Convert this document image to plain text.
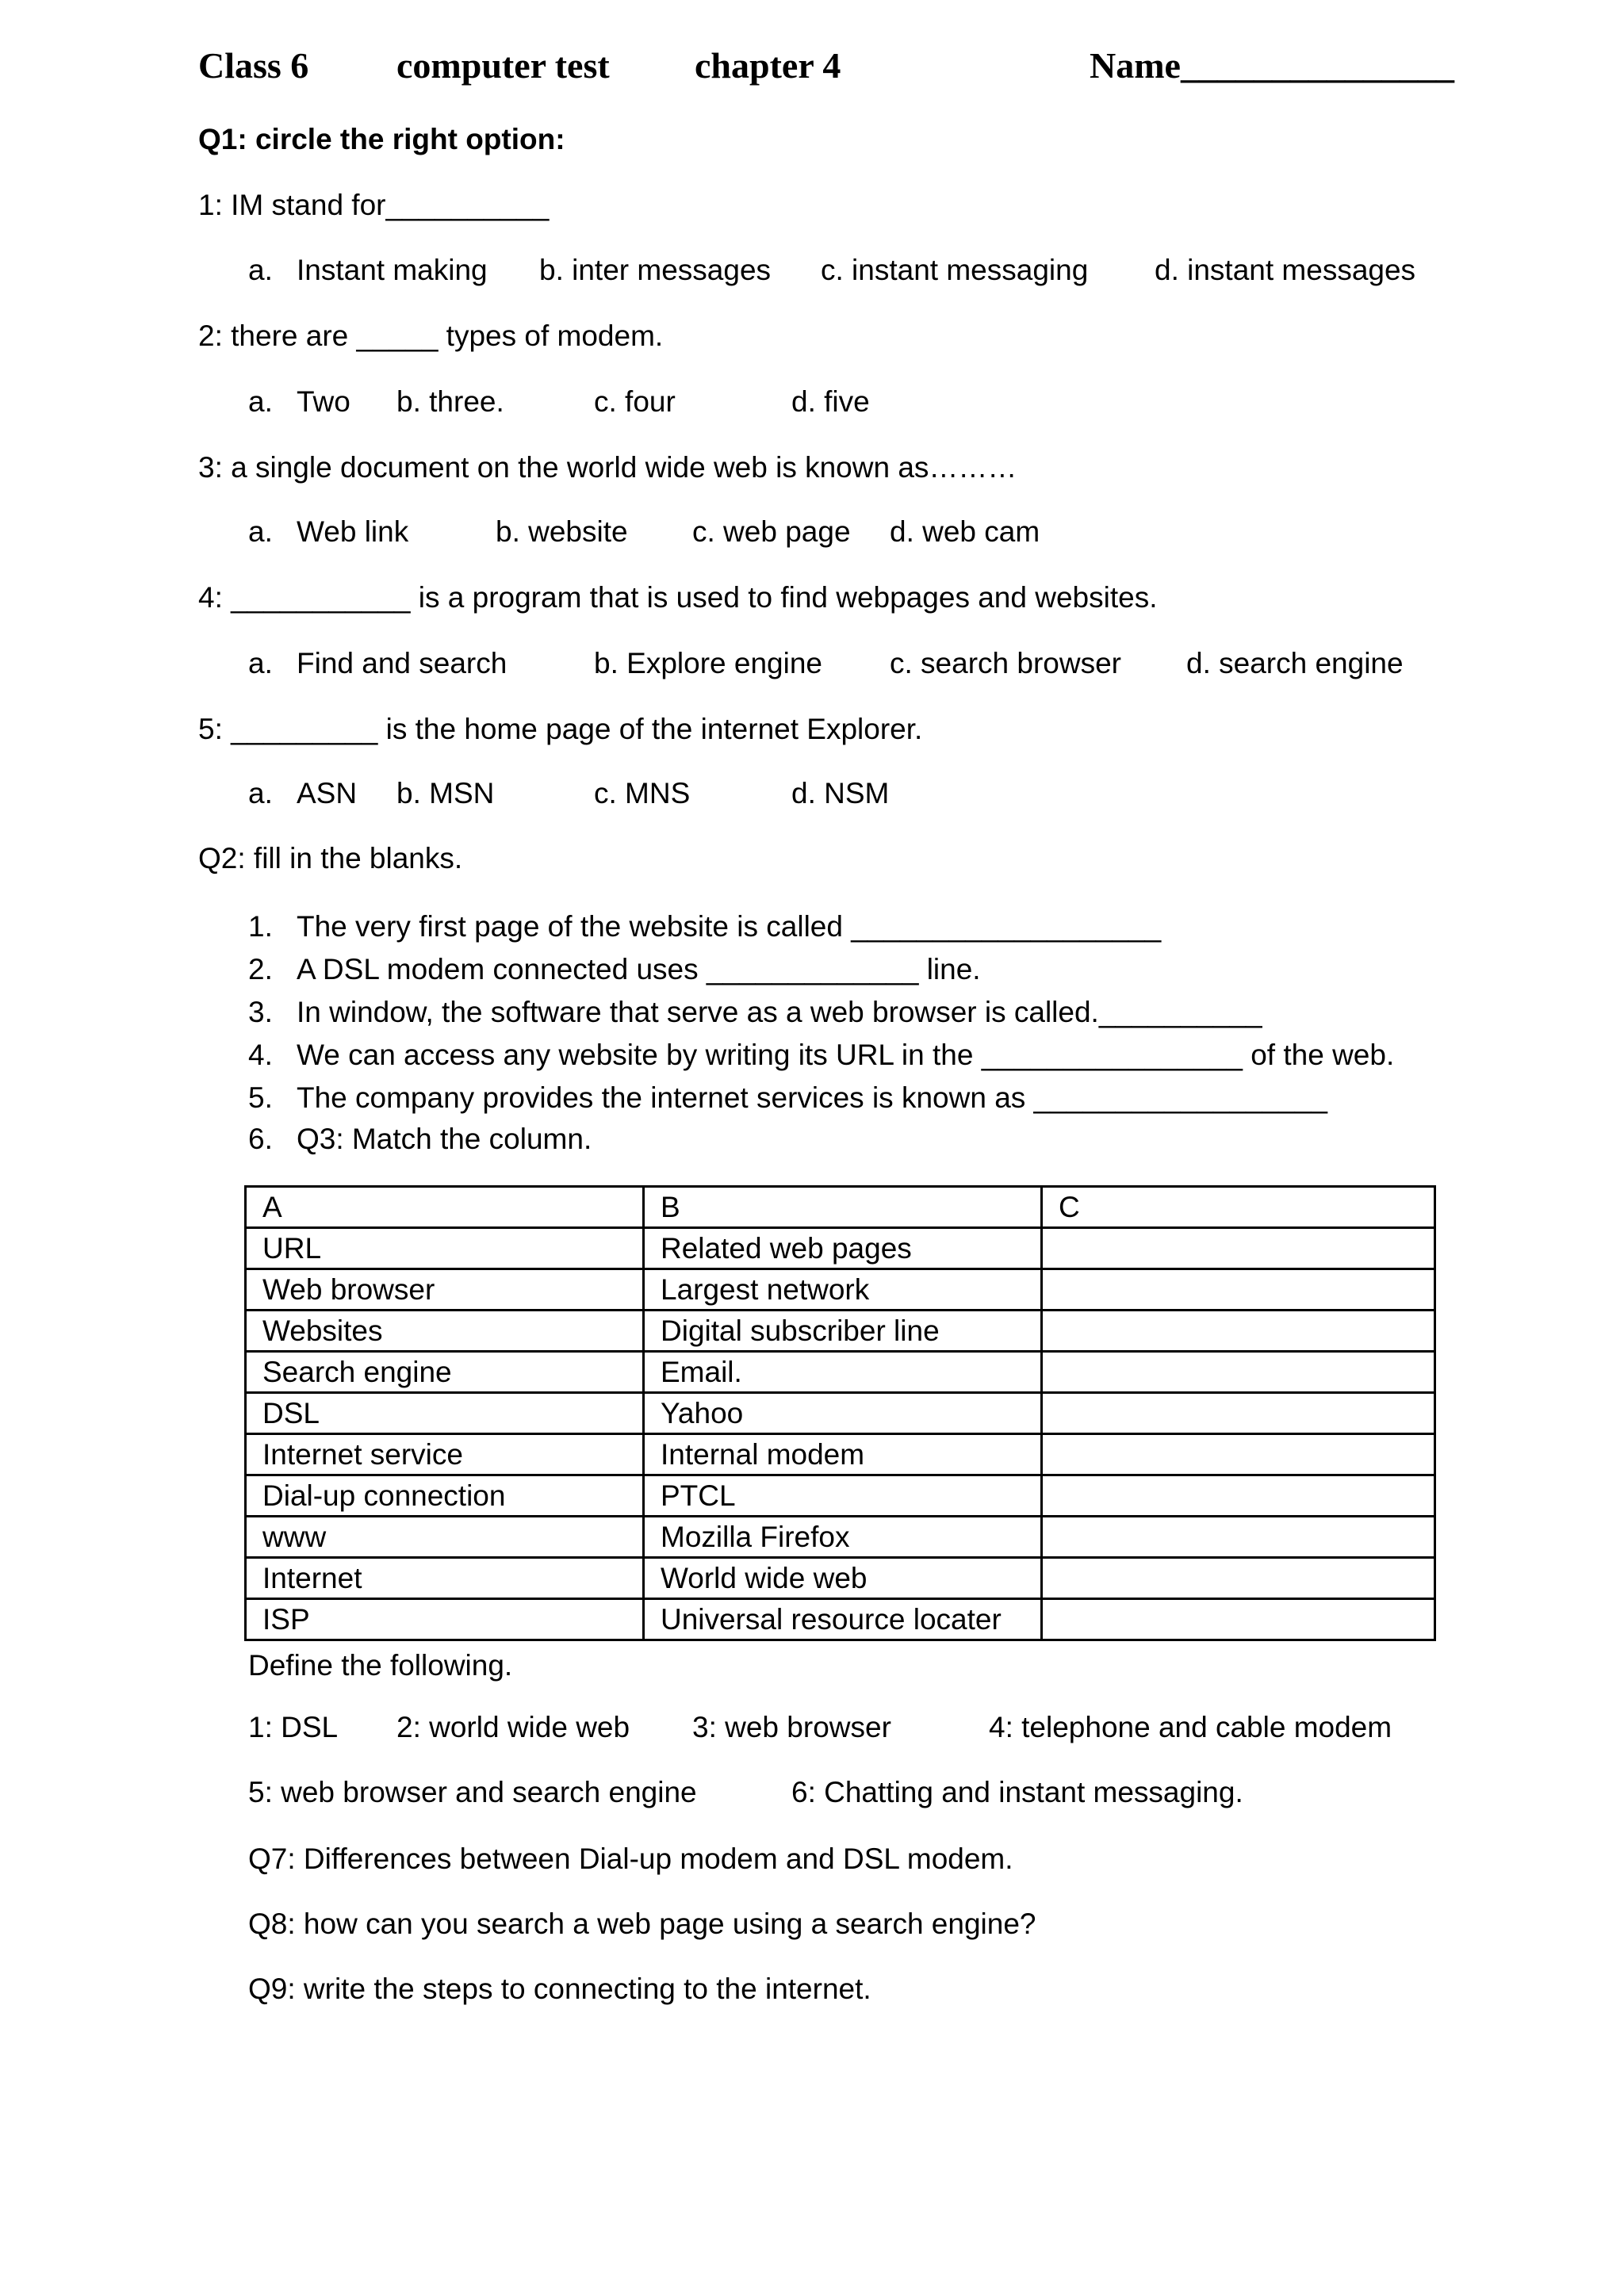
Class 6 computer test chapter 4	Name_______________
Q1: circle the right option:
1: IM stand for__________
a. Instant making b. inter messages c. instant messaging d. instant messages
2: there are _____ types of modem.
a. Two b. three.	c. four	d. five
3: a single document on the world wide web is known as………
a. Web link	b. website c. web page d. web cam
4: ___________ is a program that is used to find webpages and websites.
a. Find and search	b. Explore engine c. search browser d. search engine
5: _________ is the home page of the internet Explorer.
a. ASN b. MSN	c. MNS	d. NSM
Q2: fill in the blanks.
1. The very first page of the website is called ___________________
2. A DSL modem connected uses _____________ line.
3. In window, the software that serve as a web browser is called.__________
4. We can access any website by writing its URL in the ________________ of the web.
5. The company provides the internet services is known as __________________
6. Q3: Match the column.
A	B	C
URL	Related web pages	
Web browser	Largest network	
Websites	Digital subscriber line	
Search engine	Email.	
DSL	Yahoo	
Internet service	Internal modem	
Dial-up connection	PTCL	
www	Mozilla Firefox	
Internet	World wide web	
ISP	Universal resource locater	
Define the following.
1: DSL 2: world wide web 3: web browser	4: telephone and cable modem
5: web browser and search engine	6: Chatting and instant messaging.
Q7: Differences between Dial-up modem and DSL modem.
Q8: how can you search a web page using a search engine?
Q9: write the steps to connecting to the internet.
